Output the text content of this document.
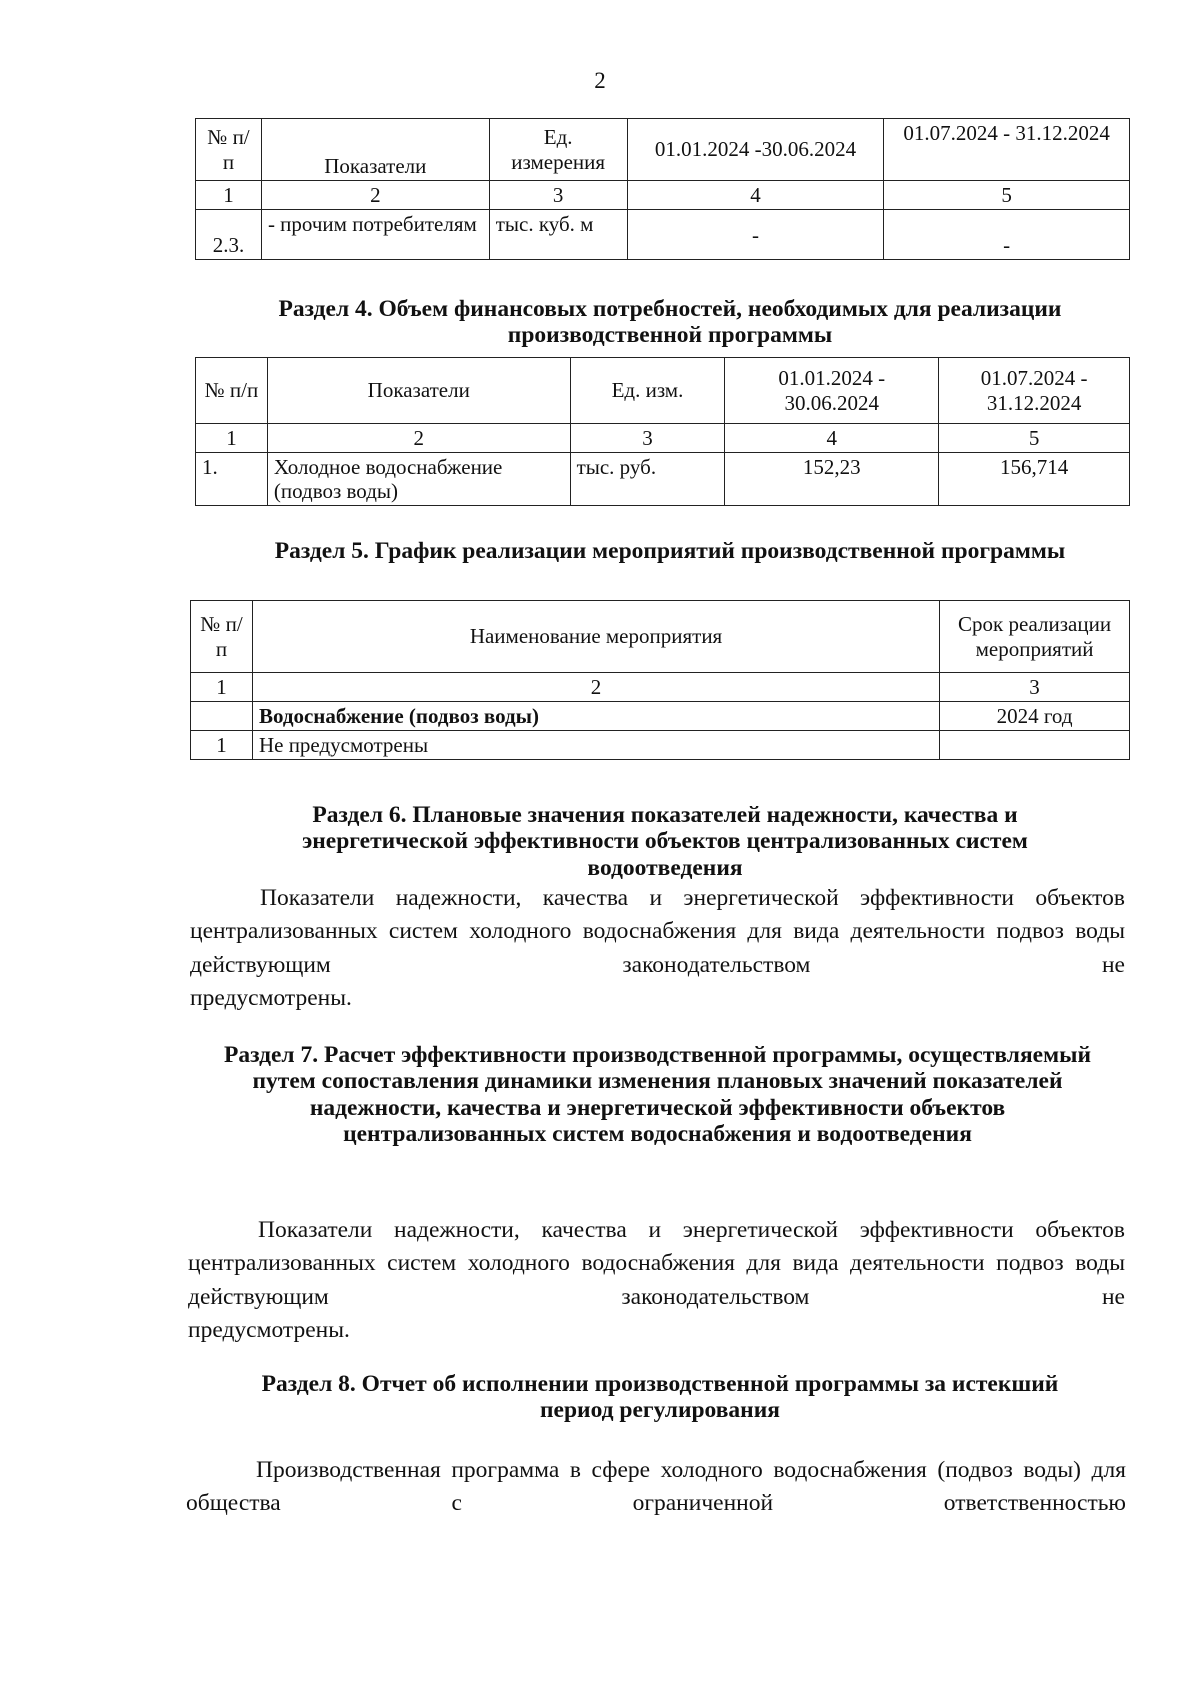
2
№ п/п	Показатели	Ед. измерения	01.01.2024 -30.06.2024	01.07.2024 - 31.12.2024
1	2	3	4	5
2.3.	- прочим потребителям	тыс. куб. м	-	-
Раздел 4. Объем финансовых потребностей, необходимых для реализации производственной программы
№ п/п	Показатели	Ед. изм.	01.01.2024 - 30.06.2024	01.07.2024 - 31.12.2024
1	2	3	4	5
1.	Холодное водоснабжение (подвоз воды)	тыс. руб.	152,23	156,714
Раздел 5. График реализации мероприятий производственной программы
№ п/п	Наименование мероприятия	Срок реализации мероприятий
1	2	3
	Водоснабжение (подвоз воды)	2024 год
1	Не предусмотрены	
Раздел 6. Плановые значения показателей надежности, качества и энергетической эффективности объектов централизованных систем водоотведения

Показатели надежности, качества и энергетической эффективности объектов централизованных систем холодного водоснабжения для вида деятельности подвоз воды действующим законодательством не
предусмотрены.

Раздел 7. Расчет эффективности производственной программы, осуществляемый путем сопоставления динамики изменения плановых значений показателей надежности, качества и энергетической эффективности объектов централизованных систем водоснабжения и водоотведения

Показатели надежности, качества и энергетической эффективности объектов централизованных систем холодного водоснабжения для вида деятельности подвоз воды действующим законодательством не
предусмотрены.

Раздел 8. Отчет об исполнении производственной программы за истекший период регулирования

Производственная программа в сфере холодного водоснабжения (подвоз воды) для общества с ограниченной ответственностью
